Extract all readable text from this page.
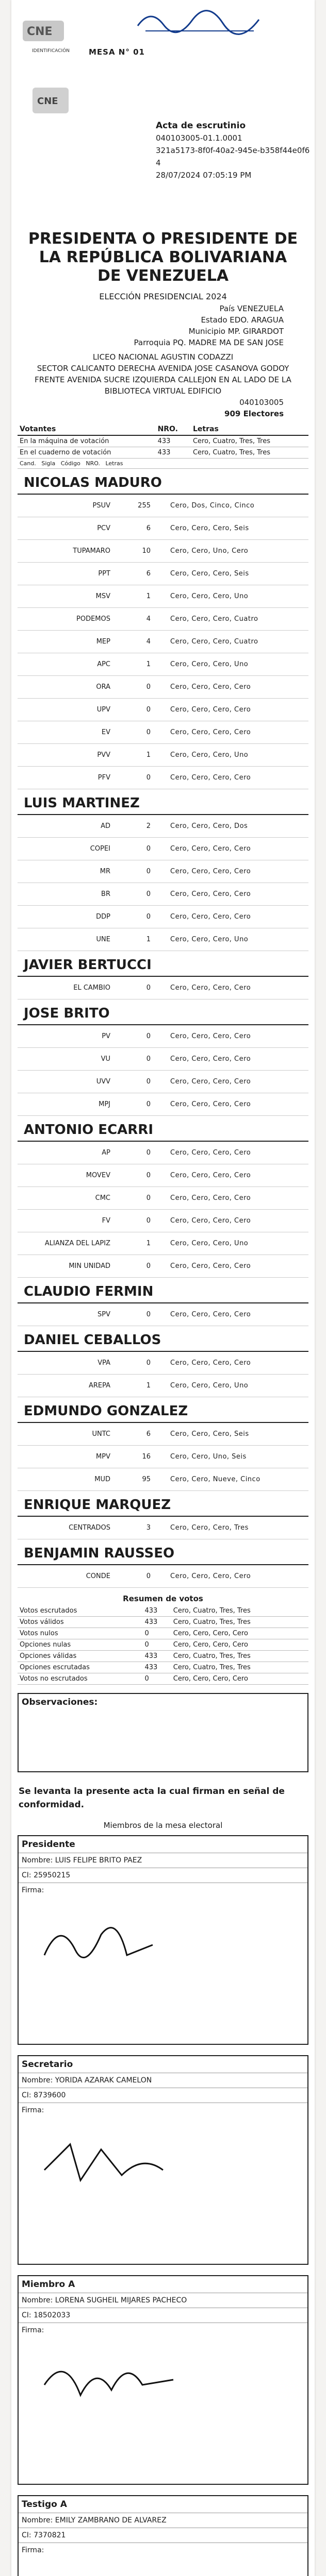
CNE
IDENTIFICACIÓN MESA N° 01
CNE
Acta de escrutinio
040103005-01.1.0001
321a5173-8f0f-40a2-945e-b358f44e0f64
28/07/2024 07:05:19 PM
PRESIDENTA O PRESIDENTE DE LA REPÚBLICA BOLIVARIANA DE VENEZUELA
ELECCIÓN PRESIDENCIAL 2024
País VENEZUELA
Estado EDO. ARAGUA
Municipio MP. GIRARDOT
Parroquia PQ. MADRE MA DE SAN JOSE
LICEO NACIONAL AGUSTIN CODAZZI
SECTOR CALICANTO DERECHA AVENIDA JOSE CASANOVA GODOY FRENTE AVENIDA SUCRE IZQUIERDA CALLEJON EN AL LADO DE LA BIBLIOTECA VIRTUAL EDIFICIO
040103005
909 Electores
Votantes	NRO.	Letras
En la máquina de votación	433	Cero, Cuatro, Tres, Tres
En el cuaderno de votación	433	Cero, Cuatro, Tres, Tres
Cand. Sigla Código NRO. Letras		
NICOLAS MADURO
PSUV	255	Cero, Dos, Cinco, Cinco
PCV	6	Cero, Cero, Cero, Seis
TUPAMARO	10	Cero, Cero, Uno, Cero
PPT	6	Cero, Cero, Cero, Seis
MSV	1	Cero, Cero, Cero, Uno
PODEMOS	4	Cero, Cero, Cero, Cuatro
MEP	4	Cero, Cero, Cero, Cuatro
APC	1	Cero, Cero, Cero, Uno
ORA	0	Cero, Cero, Cero, Cero
UPV	0	Cero, Cero, Cero, Cero
EV	0	Cero, Cero, Cero, Cero
PVV	1	Cero, Cero, Cero, Uno
PFV	0	Cero, Cero, Cero, Cero
LUIS MARTINEZ
AD	2	Cero, Cero, Cero, Dos
COPEI	0	Cero, Cero, Cero, Cero
MR	0	Cero, Cero, Cero, Cero
BR	0	Cero, Cero, Cero, Cero
DDP	0	Cero, Cero, Cero, Cero
UNE	1	Cero, Cero, Cero, Uno
JAVIER BERTUCCI
EL CAMBIO	0	Cero, Cero, Cero, Cero
JOSE BRITO
PV	0	Cero, Cero, Cero, Cero
VU	0	Cero, Cero, Cero, Cero
UVV	0	Cero, Cero, Cero, Cero
MPJ	0	Cero, Cero, Cero, Cero
ANTONIO ECARRI
AP	0	Cero, Cero, Cero, Cero
MOVEV	0	Cero, Cero, Cero, Cero
CMC	0	Cero, Cero, Cero, Cero
FV	0	Cero, Cero, Cero, Cero
ALIANZA DEL LAPIZ	1	Cero, Cero, Cero, Uno
MIN UNIDAD	0	Cero, Cero, Cero, Cero
CLAUDIO FERMIN
SPV	0	Cero, Cero, Cero, Cero
DANIEL CEBALLOS
VPA	0	Cero, Cero, Cero, Cero
AREPA	1	Cero, Cero, Cero, Uno
EDMUNDO GONZALEZ
UNTC	6	Cero, Cero, Cero, Seis
MPV	16	Cero, Cero, Uno, Seis
MUD	95	Cero, Cero, Nueve, Cinco
ENRIQUE MARQUEZ
CENTRADOS	3	Cero, Cero, Cero, Tres
BENJAMIN RAUSSEO
CONDE	0	Cero, Cero, Cero, Cero
Resumen de votos
Votos escrutados	433	Cero, Cuatro, Tres, Tres
Votos válidos	433	Cero, Cuatro, Tres, Tres
Votos nulos	0	Cero, Cero, Cero, Cero
Opciones nulas	0	Cero, Cero, Cero, Cero
Opciones válidas	433	Cero, Cuatro, Tres, Tres
Opciones escrutadas	433	Cero, Cuatro, Tres, Tres
Votos no escrutados	0	Cero, Cero, Cero, Cero
Observaciones:
Se levanta la presente acta la cual firman en señal de conformidad.
Miembros de la mesa electoral
Presidente
Nombre: LUIS FELIPE BRITO PAEZ
CI: 25950215
Firma:
Secretario
Nombre: YORIDA AZARAK CAMELON
CI: 8739600
Firma:
Miembro A
Nombre: LORENA SUGHEIL MIJARES PACHECO
CI: 18502033
Firma:
Testigo A
Nombre: EMILY ZAMBRANO DE ALVAREZ
CI: 7370821
Firma:
